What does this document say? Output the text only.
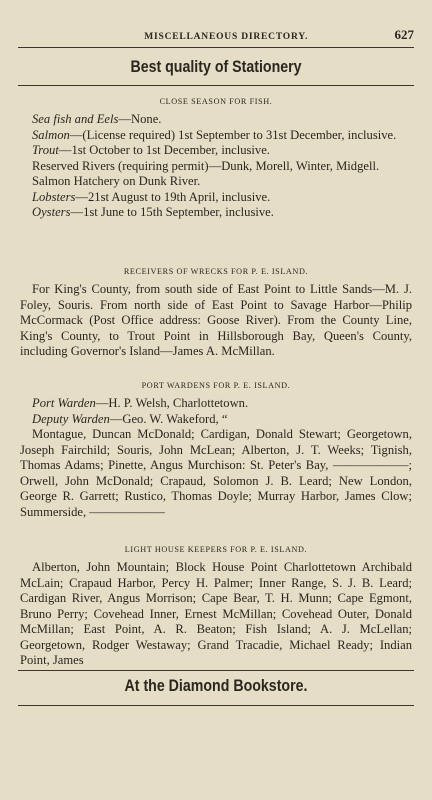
MISCELLANEOUS DIRECTORY.	627
Best quality of Stationery
CLOSE SEASON FOR FISH.

Sea fish and Eels—None.

Salmon—(License required) 1st September to 31st December, inclusive.

Trout—1st October to 1st December, inclusive.

Reserved Rivers (requiring permit)—Dunk, Morell, Winter, Midgell.

Salmon Hatchery on Dunk River.

Lobsters—21st August to 19th April, inclusive.

Oysters—1st June to 15th September, inclusive.

RECEIVERS OF WRECKS FOR P. E. ISLAND.

For King's County, from south side of East Point to Little Sands—M. J. Foley, Souris. From north side of East Point to Savage Harbor—Philip McCormack (Post Office address: Goose River). From the County Line, King's County, to Trout Point in Hillsborough Bay, Queen's County, including Governor's Island—James A. McMillan.

PORT WARDENS FOR P. E. ISLAND.

Port Warden—H. P. Welsh, Charlottetown.

Deputy Warden—Geo. W. Wakeford, “

Montague, Duncan McDonald; Cardigan, Donald Stewart; Georgetown, Joseph Fairchild; Souris, John McLean; Alberton, J. T. Weeks; Tignish, Thomas Adams; Pinette, Angus Murchison: St. Peter's Bay, ——————; Orwell, John McDonald; Crapaud, Solomon J. B. Leard; New London, George R. Garrett; Rustico, Thomas Doyle; Murray Harbor, James Clow; Summerside, ——————

LIGHT HOUSE KEEPERS FOR P. E. ISLAND.

Alberton, John Mountain; Block House Point Charlottetown Archibald McLain; Crapaud Harbor, Percy H. Palmer; Inner Range, S. J. B. Leard; Cardigan River, Angus Morrison; Cape Bear, T. H. Munn; Cape Egmont, Bruno Perry; Covehead Inner, Ernest McMillan; Covehead Outer, Donald McMillan; East Point, A. R. Beaton; Fish Island; A. J. McLellan; Georgetown, Rodger Westaway; Grand Tracadie, Michael Ready; Indian Point, James

At the Diamond Bookstore.
